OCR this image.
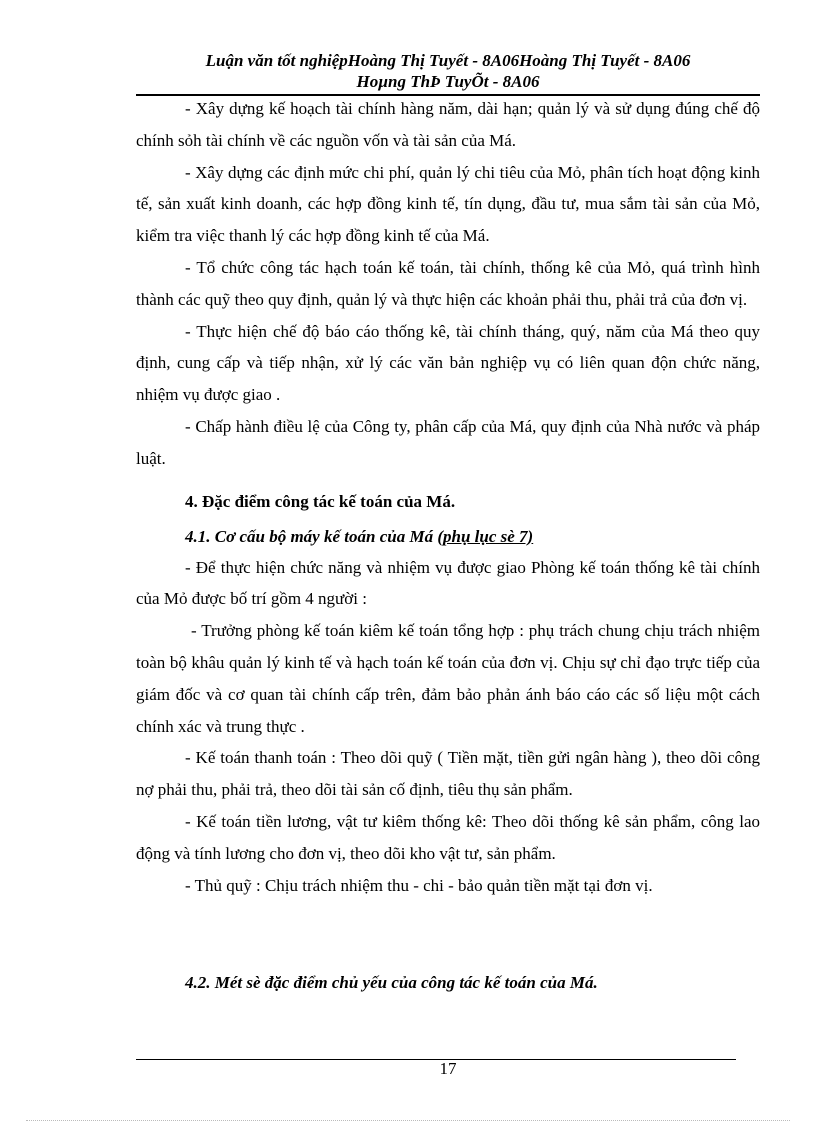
Luận văn tốt nghiệpHoàng Thị Tuyết - 8A06Hoàng Thị Tuyết - 8A06
Hoµng ThÞ TuyÕt - 8A06

- Xây dựng kế hoạch tài chính hàng năm, dài hạn; quản lý và sử dụng đúng chế độ chính sỏh tài chính về các nguồn vốn và tài sản của Má.

- Xây dựng các định mức chi phí, quản lý chi tiêu của Mỏ, phân tích hoạt động kinh tế, sản xuất kinh doanh, các hợp đồng kinh tế, tín dụng, đầu tư, mua sắm tài sản của Mỏ, kiểm tra việc thanh lý các hợp đồng kinh tế của Má.

- Tổ chức công tác hạch toán kế toán, tài chính, thống kê của Mỏ, quá trình hình thành các quỹ theo quy định, quản lý và thực hiện các khoản phải thu, phải trả của đơn vị.

- Thực hiện chế độ báo cáo thống kê, tài chính tháng, quý, năm của Má theo quy định, cung cấp và tiếp nhận, xử lý các văn bản nghiệp vụ có liên quan độn chức năng, nhiệm vụ được giao .

- Chấp hành điều lệ của Công ty, phân cấp của Má, quy định của Nhà nước và pháp luật.

4. Đặc điểm công tác kế toán của Má.
4.1. Cơ cấu bộ máy kế toán của Má (phụ lục sè 7)

- Để thực hiện chức năng và nhiệm vụ được giao Phòng kế toán thống kê tài chính của Mỏ được bố trí gồm 4 người :

- Trưởng phòng kế toán kiêm kế toán tổng hợp : phụ trách chung chịu trách nhiệm toàn bộ khâu quản lý kinh tế và hạch toán kế toán của đơn vị. Chịu sự chỉ đạo trực tiếp của giám đốc và cơ quan tài chính cấp trên, đảm bảo phản ánh báo cáo các số liệu một cách chính xác và trung thực .

- Kế toán thanh toán : Theo dõi quỹ ( Tiền mặt, tiền gửi ngân hàng ), theo dõi công nợ phải thu, phải trả, theo dõi tài sản cố định, tiêu thụ sản phẩm.

- Kế toán tiền lương, vật tư kiêm thống kê: Theo dõi thống kê sản phẩm, công lao động và tính lương cho đơn vị, theo dõi kho vật tư, sản phẩm.

- Thủ quỹ : Chịu trách nhiệm thu - chi - bảo quản tiền mặt tại đơn vị.

4.2. Mét sè đặc điểm chủ yếu của công tác kế toán của Má.
17
